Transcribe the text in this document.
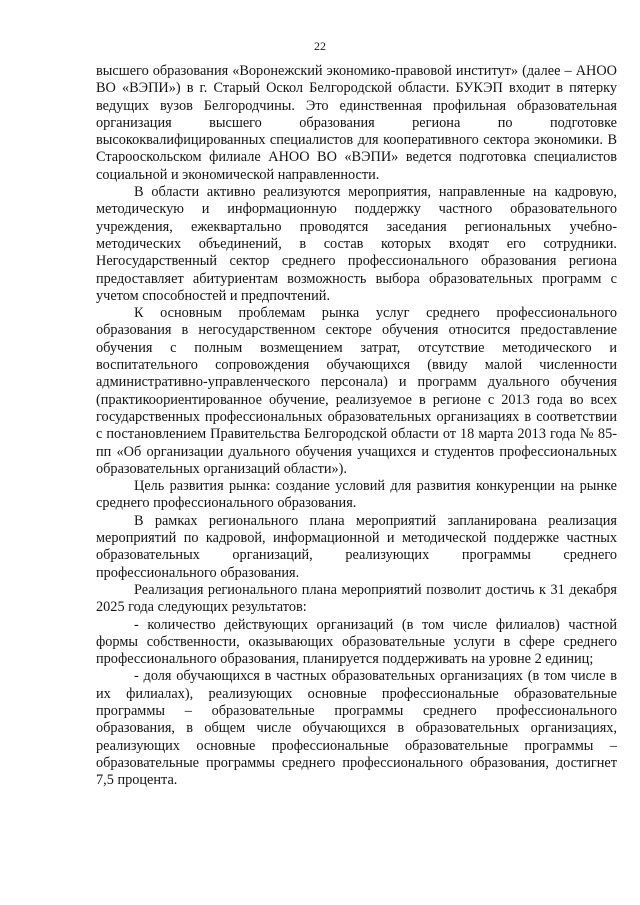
22

высшего образования «Воронежский экономико-правовой институт» (далее – АНОО ВО «ВЭПИ») в г. Старый Оскол Белгородской области. БУКЭП входит в пятерку ведущих вузов Белгородчины. Это единственная профильная образовательная организация высшего образования региона по подготовке высококвалифицированных специалистов для кооперативного сектора экономики. В Старооскольском филиале АНОО ВО «ВЭПИ» ведется подготовка специалистов социальной и экономической направленности.

В области активно реализуются мероприятия, направленные на кадровую, методическую и информационную поддержку частного образовательного учреждения, ежеквартально проводятся заседания региональных учебно-методических объединений, в состав которых входят его сотрудники. Негосударственный сектор среднего профессионального образования региона предоставляет абитуриентам возможность выбора образовательных программ с учетом способностей и предпочтений.

К основным проблемам рынка услуг среднего профессионального образования в негосударственном секторе обучения относится предоставление обучения с полным возмещением затрат, отсутствие методического и воспитательного сопровождения обучающихся (ввиду малой численности административно-управленческого персонала) и программ дуального обучения (практикоориентированное обучение, реализуемое в регионе с 2013 года во всех государственных профессиональных образовательных организациях в соответствии с постановлением Правительства Белгородской области от 18 марта 2013 года № 85-пп «Об организации дуального обучения учащихся и студентов профессиональных образовательных организаций области»).

Цель развития рынка: создание условий для развития конкуренции на рынке среднего профессионального образования.

В рамках регионального плана мероприятий запланирована реализация мероприятий по кадровой, информационной и методической поддержке частных образовательных организаций, реализующих программы среднего профессионального образования.

Реализация регионального плана мероприятий позволит достичь к 31 декабря 2025 года следующих результатов:

- количество действующих организаций (в том числе филиалов) частной формы собственности, оказывающих образовательные услуги в сфере среднего профессионального образования, планируется поддерживать на уровне 2 единиц;

- доля обучающихся в частных образовательных организациях (в том числе в их филиалах), реализующих основные профессиональные образовательные программы – образовательные программы среднего профессионального образования, в общем числе обучающихся в образовательных организациях, реализующих основные профессиональные образовательные программы – образовательные программы среднего профессионального образования, достигнет 7,5 процента.
